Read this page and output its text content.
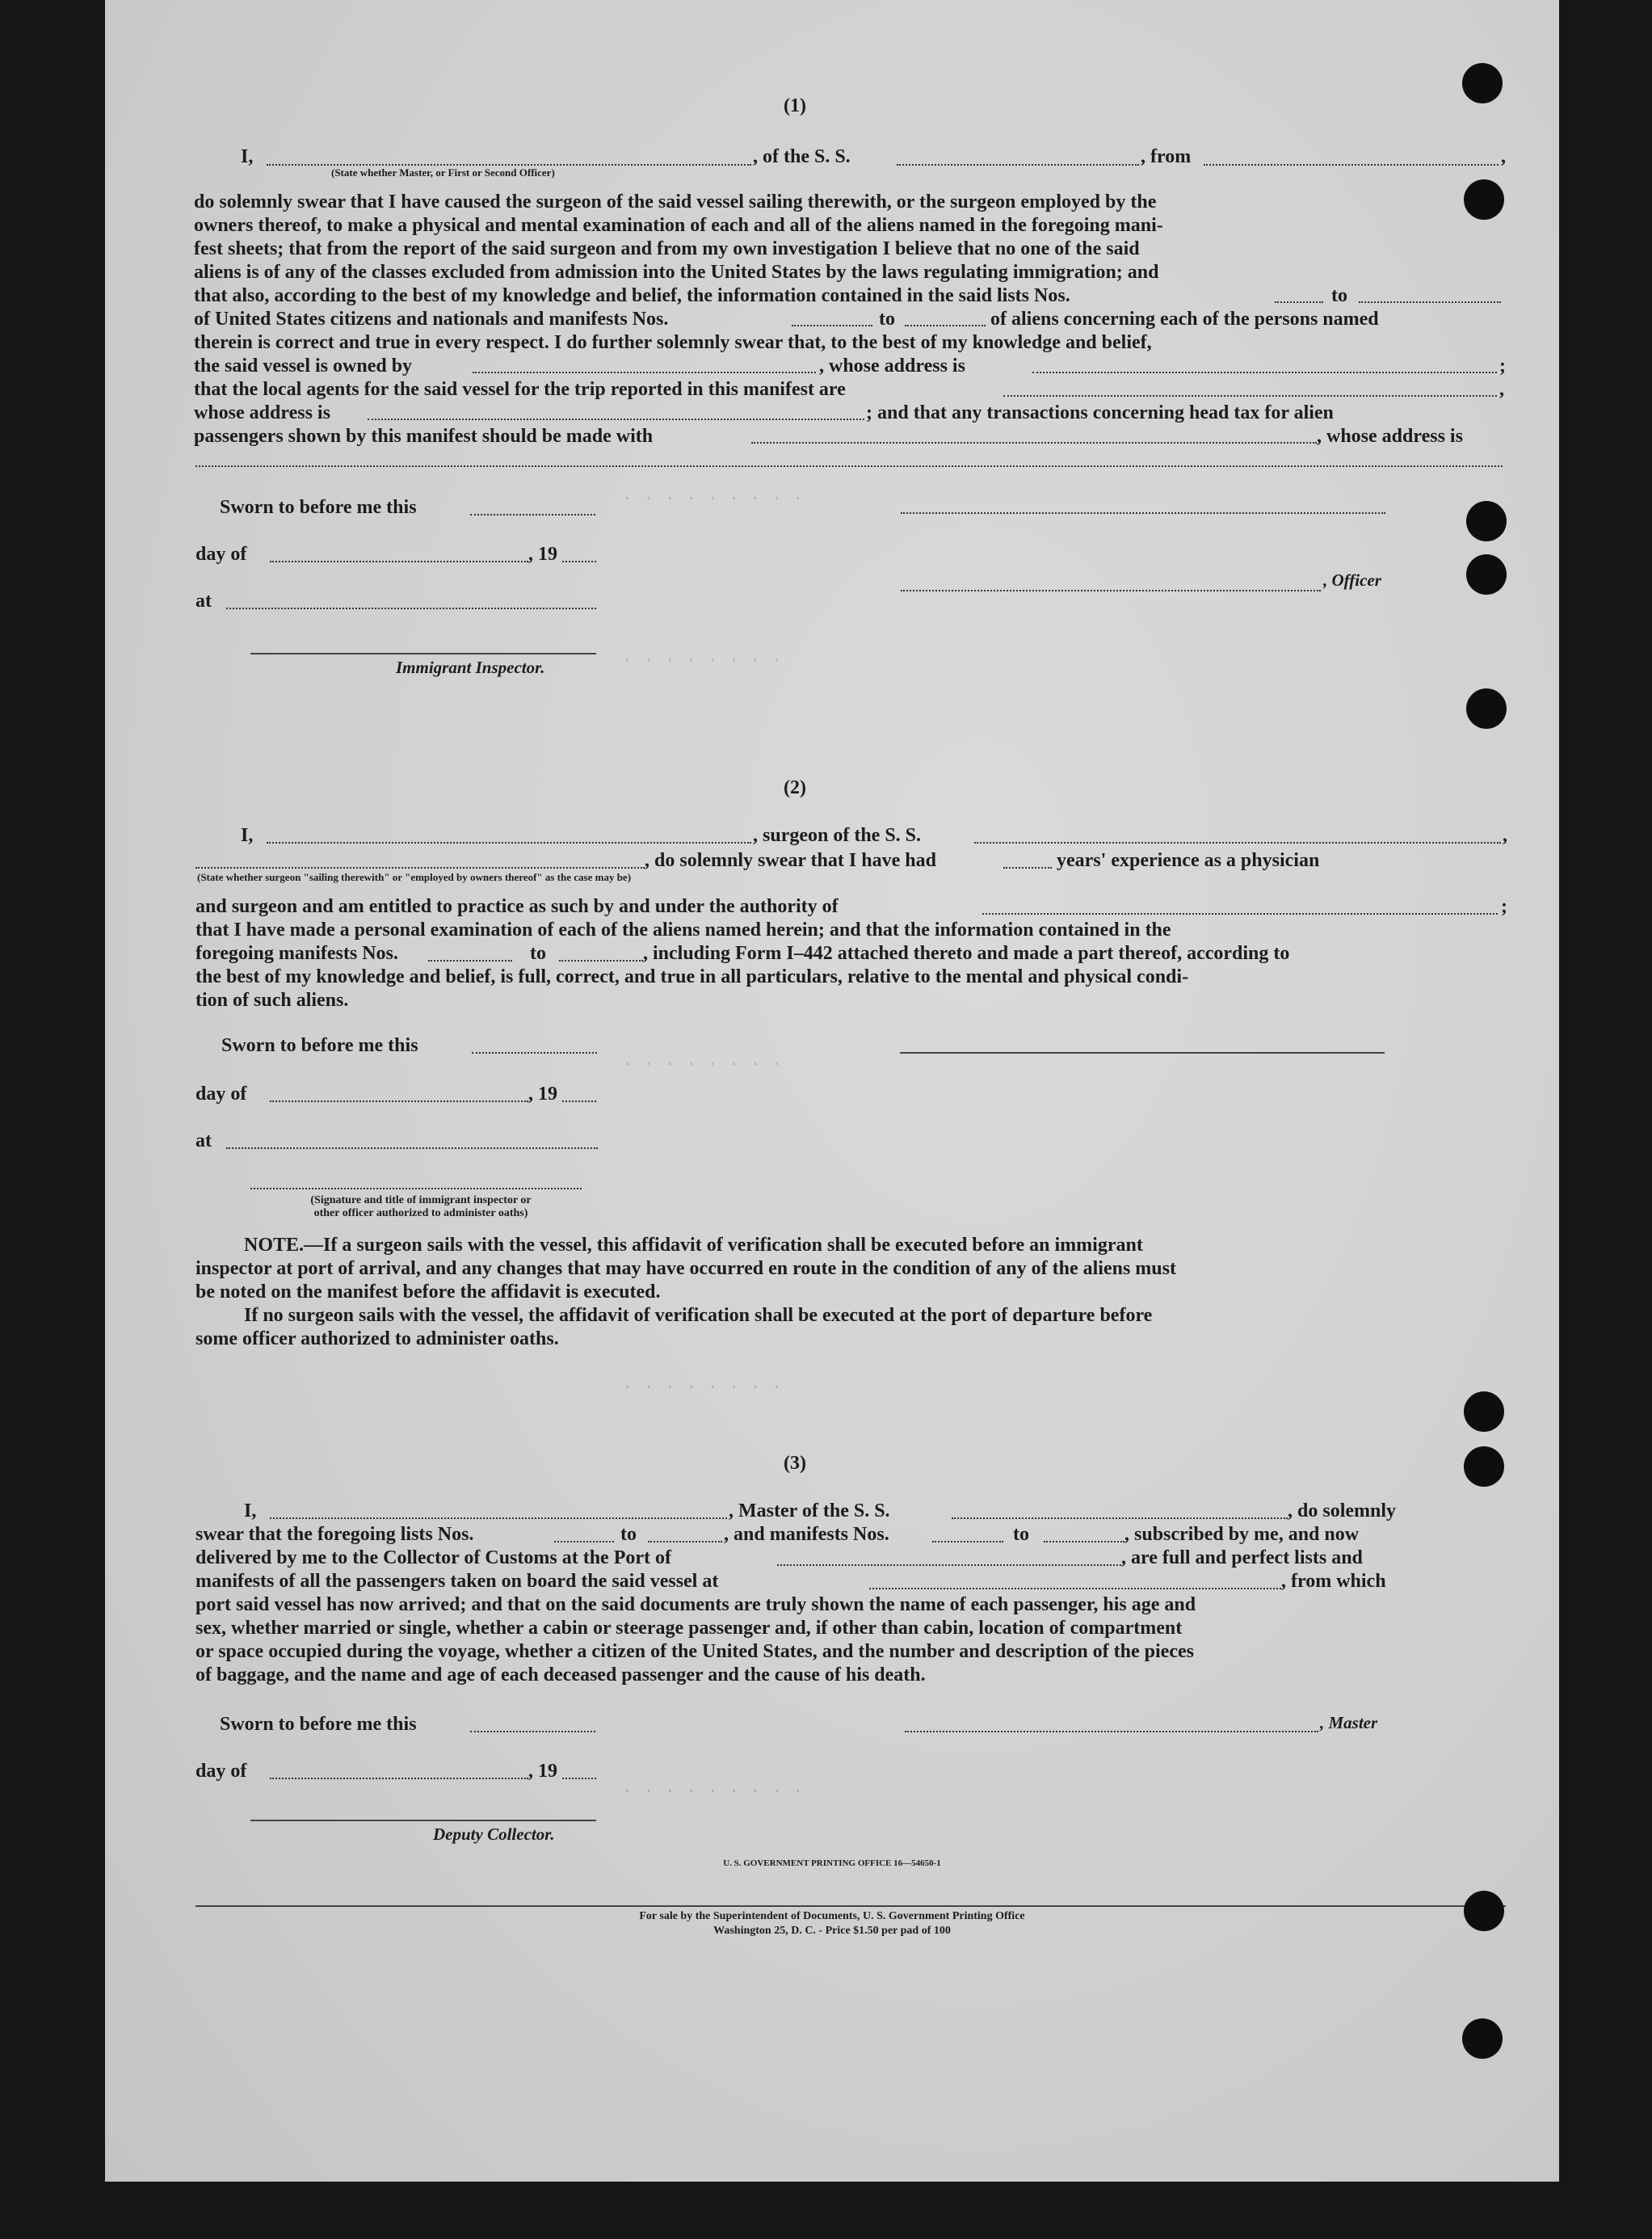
. . . . . . . . .
. . . . . . . .
. . . . . . . .
. . . . . . . .
. . . . . . . . .
(1)
I,	, of the S. S.	, from	,
(State whether Master, or First or Second Officer)
do solemnly swear that I have caused the surgeon of the said vessel sailing therewith, or the surgeon employed by the
owners thereof, to make a physical and mental examination of each and all of the aliens named in the foregoing mani-
fest sheets; that from the report of the said surgeon and from my own investigation I believe that no one of the said
aliens is of any of the classes excluded from admission into the United States by the laws regulating immigration; and
that also, according to the best of my knowledge and belief, the information contained in the said lists Nos.	to
of United States citizens and nationals and manifests Nos.	to	of aliens concerning each of the persons named
therein is correct and true in every respect. I do further solemnly swear that, to the best of my knowledge and belief,
the said vessel is owned by	, whose address is	;
that the local agents for the said vessel for the trip reported in this manifest are	,
whose address is	; and that any transactions concerning head tax for alien
passengers shown by this manifest should be made with	, whose address is
Sworn to before me this
day of	, 19
, Officer
at
Immigrant Inspector.
(2)
I,	, surgeon of the S. S.	,
, do solemnly swear that I have had	years' experience as a physician
(State whether surgeon "sailing therewith" or "employed by owners thereof" as the case may be)
and surgeon and am entitled to practice as such by and under the authority of	;
that I have made a personal examination of each of the aliens named herein; and that the information contained in the
foregoing manifests Nos.	to	, including Form I–442 attached thereto and made a part thereof, according to
the best of my knowledge and belief, is full, correct, and true in all particulars, relative to the mental and physical condi-
tion of such aliens.
Sworn to before me this
day of	, 19
at
(Signature and title of immigrant inspector or
other officer authorized to administer oaths)
NOTE.—If a surgeon sails with the vessel, this affidavit of verification shall be executed before an immigrant
inspector at port of arrival, and any changes that may have occurred en route in the condition of any of the aliens must
be noted on the manifest before the affidavit is executed.
If no surgeon sails with the vessel, the affidavit of verification shall be executed at the port of departure before
some officer authorized to administer oaths.
(3)
I,	, Master of the S. S.	, do solemnly
swear that the foregoing lists Nos.	to	, and manifests Nos.	to	, subscribed by me, and now
delivered by me to the Collector of Customs at the Port of	, are full and perfect lists and
manifests of all the passengers taken on board the said vessel at	, from which
port said vessel has now arrived; and that on the said documents are truly shown the name of each passenger, his age and
sex, whether married or single, whether a cabin or steerage passenger and, if other than cabin, location of compartment
or space occupied during the voyage, whether a citizen of the United States, and the number and description of the pieces
of baggage, and the name and age of each deceased passenger and the cause of his death.
Sworn to before me this	, Master
day of	, 19
Deputy Collector.
U. S. GOVERNMENT PRINTING OFFICE 16—54650-1
For sale by the Superintendent of Documents, U. S. Government Printing Office
Washington 25, D. C. - Price $1.50 per pad of 100
